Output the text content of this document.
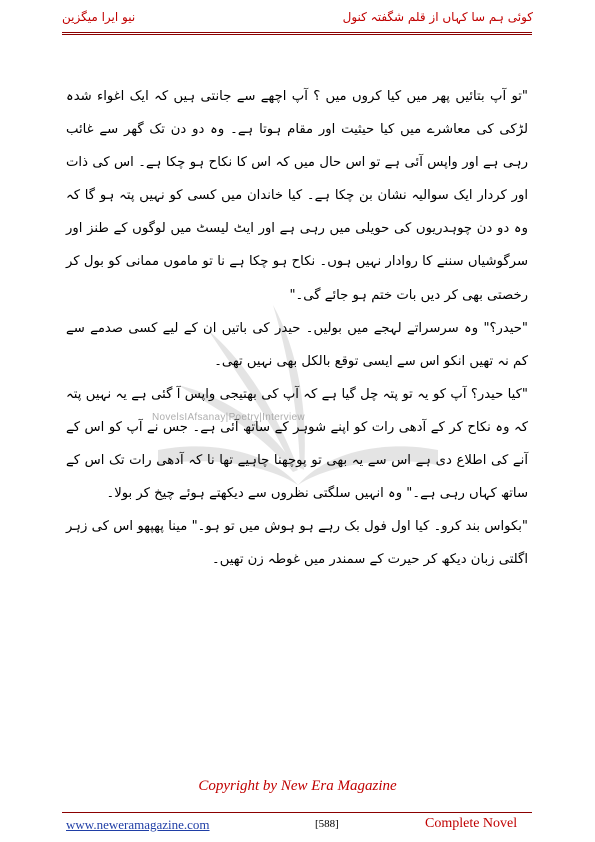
کوئی ہم سا کہاں از قلم شگفتہ کنول
نیو ایرا میگزین
NovelsIAfsanay|Poetry|Interview

"تو آپ بتائیں پھر میں کیا کروں میں ؟ آپ اچھے سے جانتی ہیں کہ ایک اغواء شدہ لڑکی کی معاشرے میں کیا حیثیت اور مقام ہوتا ہے۔ وہ دو دن تک گھر سے غائب رہی ہے اور واپس آئی ہے تو اس حال میں کہ اس کا نکاح ہو چکا ہے۔ اس کی ذات اور کردار ایک سوالیہ نشان بن چکا ہے۔ کیا خاندان میں کسی کو نہیں پتہ ہو گا کہ وہ دو دن چوہدریوں کی حویلی میں رہی ہے اور ایٹ لیسٹ میں لوگوں کے طنز اور سرگوشیاں سننے کا روادار نہیں ہوں۔ نکاح ہو چکا ہے نا تو ماموں ممانی کو بول کر رخصتی بھی کر دیں بات ختم ہو جائے گی۔"

"حیدر؟" وہ سرسراتے لہجے میں بولیں۔ حیدر کی باتیں ان کے لیے کسی صدمے سے کم نہ تھیں انکو اس سے ایسی توقع بالکل بھی نہیں تھی۔

"کیا حیدر؟ آپ کو یہ تو پتہ چل گیا ہے کہ آپ کی بھتیجی واپس آ گئی ہے یہ نہیں پتہ کہ وہ نکاح کر کے آدھی رات کو اپنے شوہر کے ساتھ آئی ہے۔ جس نے آپ کو اس کے آنے کی اطلاع دی ہے اس سے یہ بھی تو پوچھنا چاہیے تھا نا کہ آدھی رات تک اس کے ساتھ کہاں رہی ہے۔" وہ انہیں سلگتی نظروں سے دیکھتے ہوئے چیخ کر بولا۔

"بکواس بند کرو۔ کیا اول فول بک رہے ہو ہوش میں تو ہو۔" مینا پھپھو اس کی زہر اگلتی زبان دیکھ کر حیرت کے سمندر میں غوطہ زن تھیں۔

Copyright by New Era Magazine
www.neweramagazine.com	[588]	Complete Novel
